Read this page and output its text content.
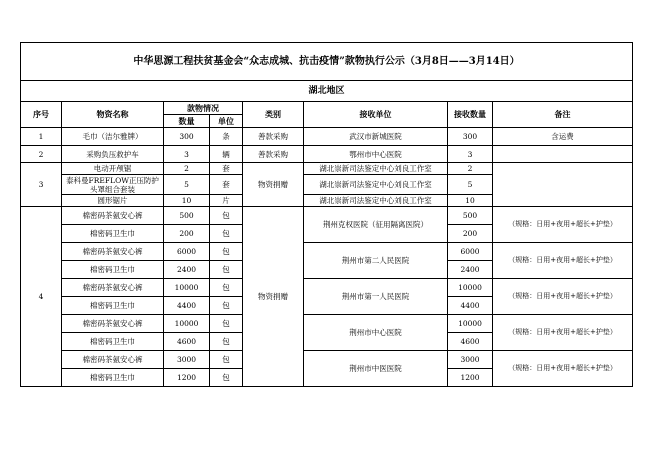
中华思源工程扶贫基金会“众志成城、抗击疫情”款物执行公示（3月8日——3月14日）							
湖北地区							
序号	物资名称	款物情况		类别	接收单位	接收数量	备注
		数量	单位				
1	毛巾（洁尔雅牌）	300	条	善款采购	武汉市新城医院	300	含运费
2	采购负压救护车	3	辆	善款采购	鄂州市中心医院	3	
3	电动开颅锯	2	套	物资捐赠	湖北崇新司法鉴定中心刘良工作室	2	
	泰科曼FREFLOW正压防护头罩组合套装	5	套		湖北崇新司法鉴定中心刘良工作室	5	
	圆形锯片	10	片		湖北崇新司法鉴定中心刘良工作室	10	
4	棉密码茶氨安心裤	500	包	物资捐赠	荆州克权医院（征用隔离医院）	500	（规格：日用+夜用+超长+护垫）
	棉密码卫生巾	200	包			200	
	棉密码茶氨安心裤	6000	包		荆州市第二人民医院	6000	（规格：日用+夜用+超长+护垫）
	棉密码卫生巾	2400	包			2400	
	棉密码茶氨安心裤	10000	包		荆州市第一人民医院	10000	（规格：日用+夜用+超长+护垫）
	棉密码卫生巾	4400	包			4400	
	棉密码茶氨安心裤	10000	包		荆州市中心医院	10000	（规格：日用+夜用+超长+护垫）
	棉密码卫生巾	4600	包			4600	
	棉密码茶氨安心裤	3000	包		荆州市中医医院	3000	（规格：日用+夜用+超长+护垫）
	棉密码卫生巾	1200	包			1200	
